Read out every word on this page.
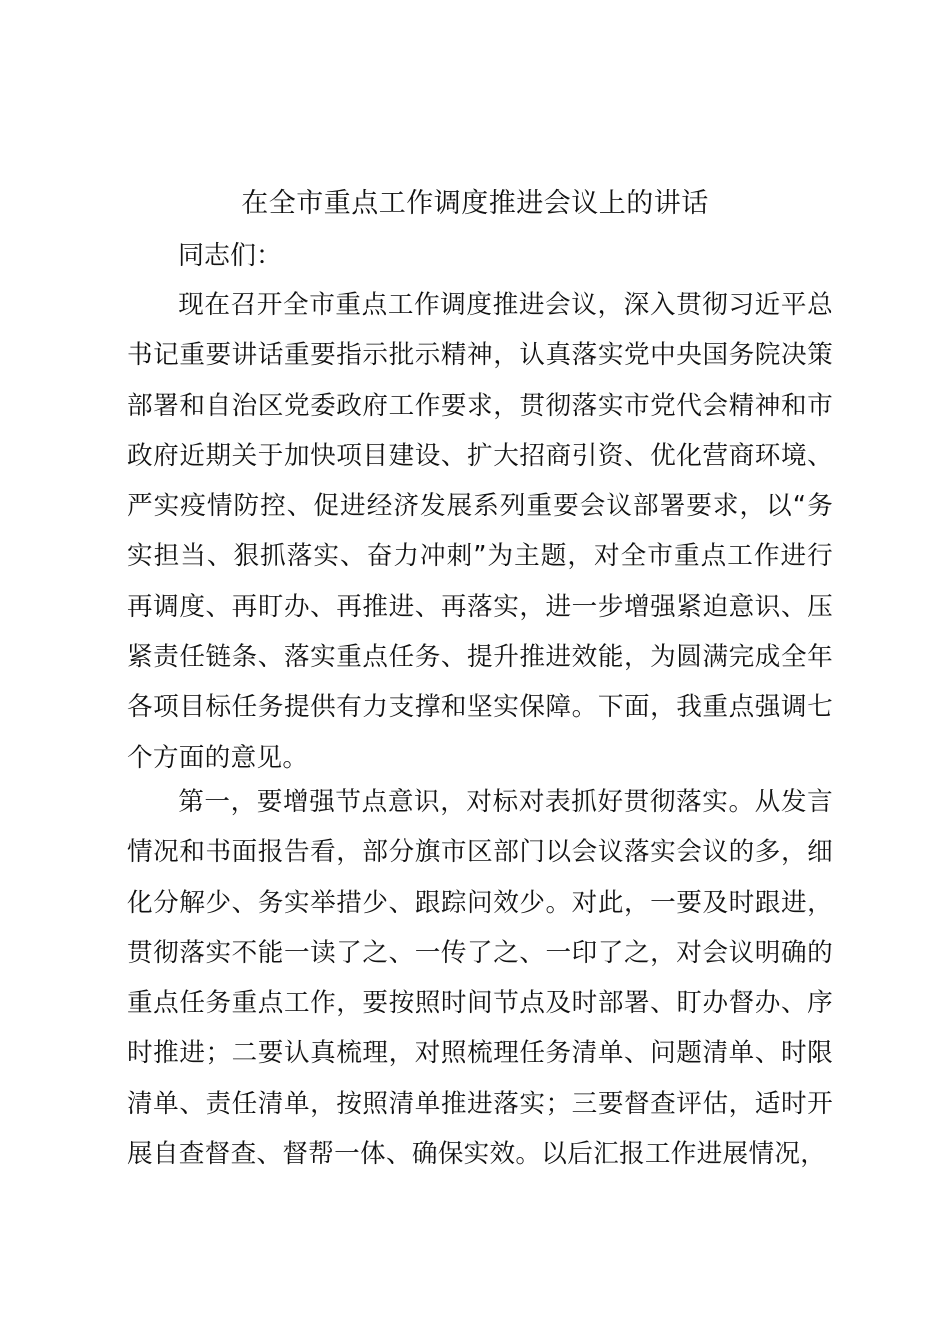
在全市重点工作调度推进会议上的讲话
同志们：

现在召开全市重点工作调度推进会议，深入贯彻习近平总书记重要讲话重要指示批示精神，认真落实党中央国务院决策部署和自治区党委政府工作要求，贯彻落实市党代会精神和市政府近期关于加快项目建设、扩大招商引资、优化营商环境、严实疫情防控、促进经济发展系列重要会议部署要求，以“务实担当、狠抓落实、奋力冲刺”为主题，对全市重点工作进行再调度、再盯办、再推进、再落实，进一步增强紧迫意识、压紧责任链条、落实重点任务、提升推进效能，为圆满完成全年各项目标任务提供有力支撑和坚实保障。下面，我重点强调七个方面的意见。

第一，要增强节点意识，对标对表抓好贯彻落实。从发言情况和书面报告看，部分旗市区部门以会议落实会议的多，细化分解少、务实举措少、跟踪问效少。对此，一要及时跟进，贯彻落实不能一读了之、一传了之、一印了之，对会议明确的重点任务重点工作，要按照时间节点及时部署、盯办督办、序时推进；二要认真梳理，对照梳理任务清单、问题清单、时限清单、责任清单，按照清单推进落实；三要督查评估，适时开展自查督查、督帮一体、确保实效。以后汇报工作进展情况，
